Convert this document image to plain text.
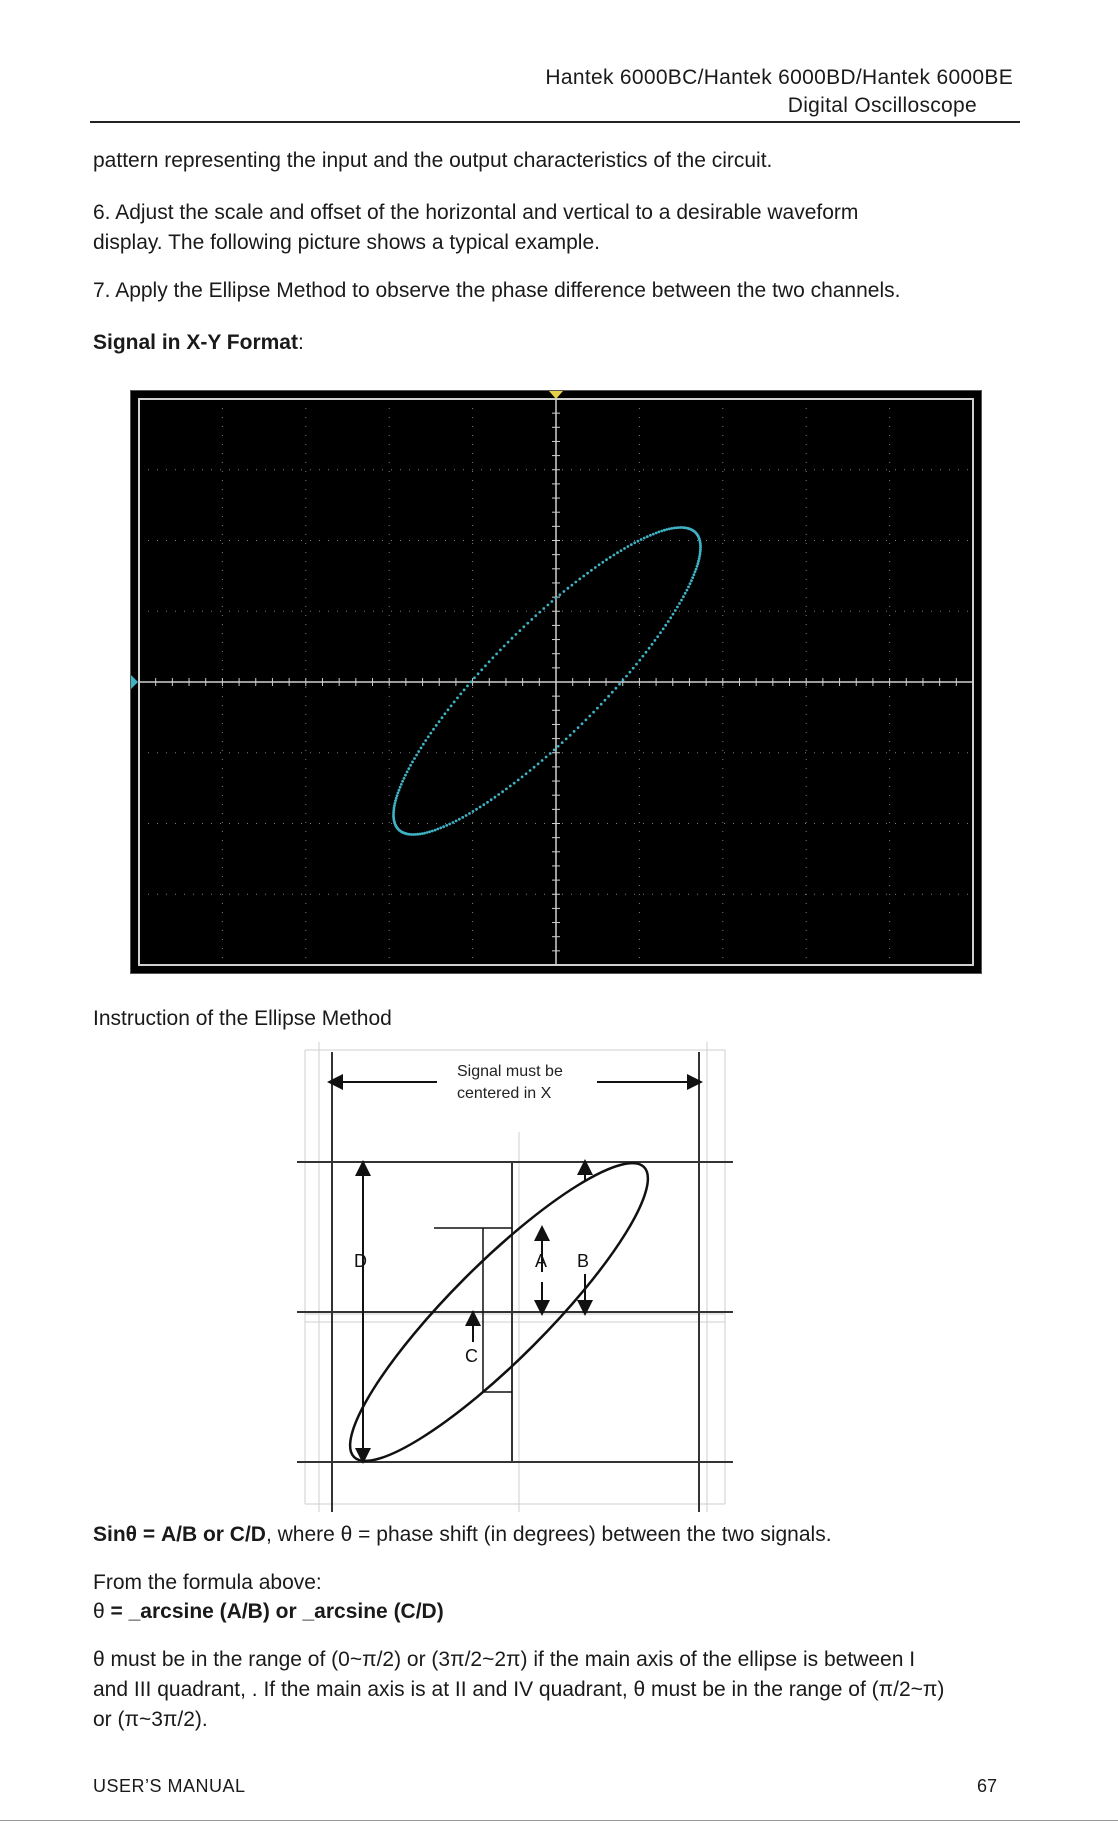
Hantek 6000BC/Hantek 6000BD/Hantek 6000BE
Digital Oscilloscope
pattern representing the input and the output characteristics of the circuit.
6. Adjust the scale and offset of the horizontal and vertical to a desirable waveform
display. The following picture shows a typical example.
7. Apply the Ellipse Method to observe the phase difference between the two channels.
Signal in X-Y Format:
Instruction of the Ellipse Method
Signal must be
centered in X
D	A B
C
Sinθ = A/B or C/D, where θ = phase shift (in degrees) between the two signals.
From the formula above:
θ = _arcsine (A/B) or _arcsine (C/D)
θ must be in the range of (0~π/2) or (3π/2~2π) if the main axis of the ellipse is between I
and III quadrant, . If the main axis is at II and IV quadrant, θ must be in the range of (π/2~π)
or (π~3π/2).
USER’S MANUAL	67
